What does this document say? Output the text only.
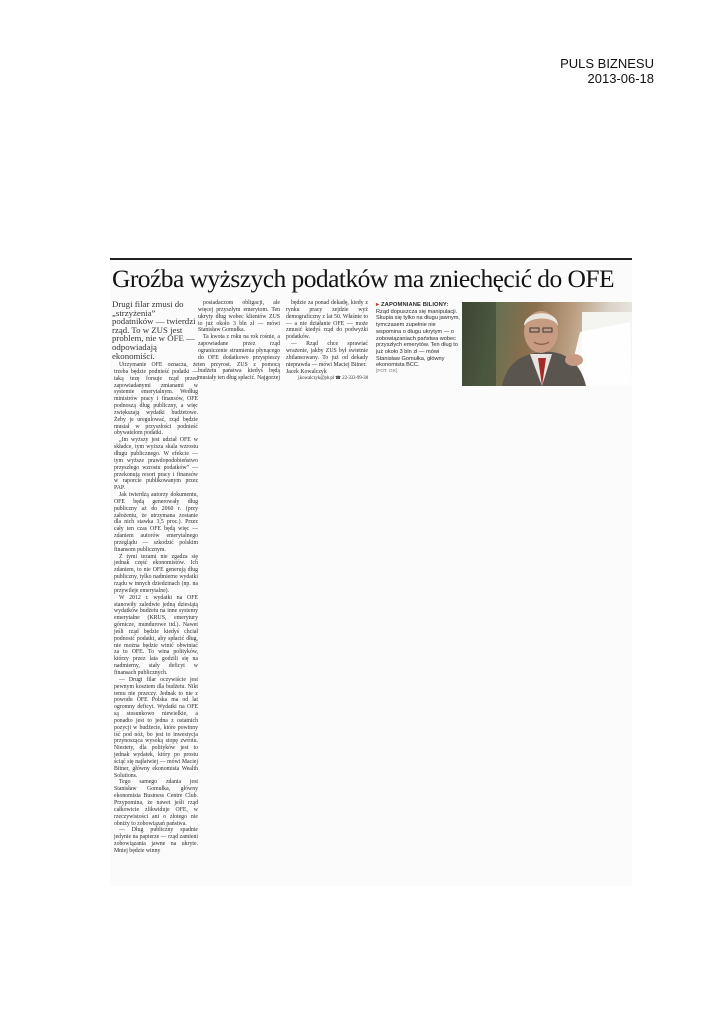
PULS BIZNESU
2013-06-18
Groźba wyższych podatków ma zniechęcić do OFE

Drugi filar zmusi do „strzyżenia” podatników — twierdzi rząd. To w ZUS jest problem, nie w OFE — odpowiadają ekonomiści.

Utrzymanie OFE oznacza, że trzeba będzie podnieść podatki — taką tezę forsuje rząd przed zapowiadanymi zmianami w systemie emerytalnym. Według ministrów pracy i finansów, OFE podnoszą dług publiczny, a więc zwiększają wydatki budżetowe. Żeby je uregulować, rząd będzie musiał w przyszłości podnieść obywatelom podatki.

„Im wyższy jest udział OFE w składce, tym wyższa skala wzrostu długu publicznego. W efekcie — tym wyższe prawdopodobieństwo przyszłego wzrostu podatków” — przekonują resort pracy i finansów w raporcie publikowanym przez PAP.

Jak twierdzą autorzy dokumentu, OFE będą generowały dług publiczny aż do 2060 r. (przy założeniu, że utrzymana zostanie dla nich stawka 3,5 proc.). Przez cały ten czas OFE będą więc — zdaniem autorów emerytalnego przeglądu — szkodzić polskim finansom publicznym.

Z tymi tezami nie zgadza się jednak część ekonomistów. Ich zdaniem, to nie OFE generują dług publiczny, tylko nadmierne wydatki rządu w innych dziedzinach (np. na przywileje emerytalne).

W 2012 r. wydatki na OFE stanowiły zaledwie jedną dziesiątą wydatków budżetu na inne systemy emerytalne (KRUS, emerytury górnicze, mundurowe itd.). Nawet jeśli rząd będzie kiedyś chciał podnosić podatki, aby spłacić dług, nie można będzie winić obwiniać za to OFE. To wina polityków, którzy przez lata godzili się na nadmierny, stały deficyt w finansach publicznych.

— Drugi filar oczywiście jest pewnym kosztem dla budżetu. Nikt temu nie przeczy. Jednak to nie z powodu OFE Polska ma od lat ogromny deficyt. Wydatki na OFE są stosunkowo niewielkie, a ponadto jest to jedna z ostatnich pozycji w budżecie, które powinny iść pod nóż, bo jest to inwestycja przynosząca wysoką stopę zwrotu. Niestety, dla polityków jest to jednak wydatek, który po prostu ściąć się najłatwiej — mówi Maciej Bitner, główny ekonomista Wealth Solutions.

Tego samego zdania jest Stanisław Gomułka, główny ekonomista Business Centre Club. Przypomina, że nawet jeśli rząd całkowicie zlikwiduje OFE, w rzeczywistości ani o złotego nie obniży to zobowiązań państwa.

— Dług publiczny spadnie jedynie na papierze — rząd zamieni zobowiązania jawne na ukryte. Mniej będzie winny

posiadaczom obligacji, ale więcej przyszłym emerytom. Ten ukryty dług wobec klientów ZUS to już około 3 bln zł — mówi Stanisław Gomułka.

Ta kwota z roku na rok rośnie, a zapowiadane przez rząd ograniczenie strumienia płynącego do OFE dodatkowo przyspieszy ten przyrost. ZUS z pomocą budżetu państwa kiedyś będą musiały ten dług spłacić. Najgorzej

będzie za ponad dekadę, kiedy z rynku pracy zejdzie wyż demograficzny z lat 50. Właśnie to — a nie działanie OFE — może zmusić kiedyś rząd do podwyżki podatków.

— Rząd chce sprawiać wrażenie, jakby ZUS był świetnie zbilansowany. To już od dekady nieprawda — mówi Maciej Bitner.

Jacek Kowalczyk

j.kowalczyk@pb.pl ☎ 22-333-99-38

▸ ZAPOMNIANE BILIONY:

Rząd dopuszcza się manipulacji. Skupia się tylko na długu jawnym, tymczasem zupełnie nie wspomina o długu ukrytym — o zobowiązaniach państwa wobec przyszłych emerytów. Ten dług to już około 3 bln zł — mówi Stanisław Gomułka, główny ekonomista BCC.

[FOT. GK]
